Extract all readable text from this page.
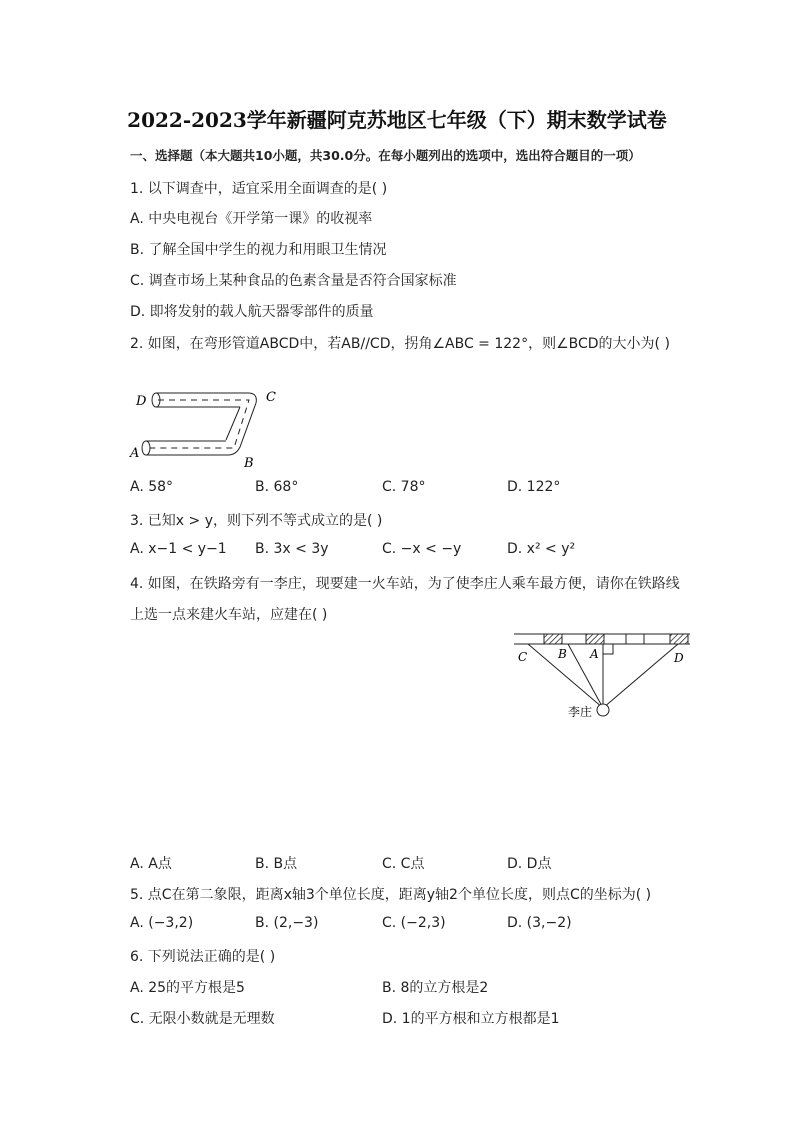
2022-2023学年新疆阿克苏地区七年级（下）期末数学试卷
一、选择题（本大题共10小题，共30.0分。在每小题列出的选项中，选出符合题目的一项）
1. 以下调查中，适宜采用全面调查的是( )
A. 中央电视台《开学第一课》的收视率
B. 了解全国中学生的视力和用眼卫生情况
C. 调查市场上某种食品的色素含量是否符合国家标准
D. 即将发射的载人航天器零部件的质量
2. 如图，在弯形管道ABCD中，若AB//CD，拐角∠ABC = 122°，则∠BCD的大小为( )
D	C
A
B
A. 58°	B. 68°	C. 78°	D. 122°
3. 已知x > y，则下列不等式成立的是( )
A. x−1 < y−1 B. 3x < 3y	C. −x < −y	D. x² < y²
4. 如图，在铁路旁有一李庄，现要建一火车站，为了使李庄人乘车最方便，请你在铁路线
上选一点来建火车站，应建在( )
C	B A	D
李庄
A. A点	B. B点	C. C点	D. D点
5. 点C在第二象限，距离x轴3个单位长度，距离y轴2个单位长度，则点C的坐标为( )
A. (−3,2)	B. (2,−3)	C. (−2,3)	D. (3,−2)
6. 下列说法正确的是( )
A. 25的平方根是5	B. 8的立方根是2
C. 无限小数就是无理数	D. 1的平方根和立方根都是1
